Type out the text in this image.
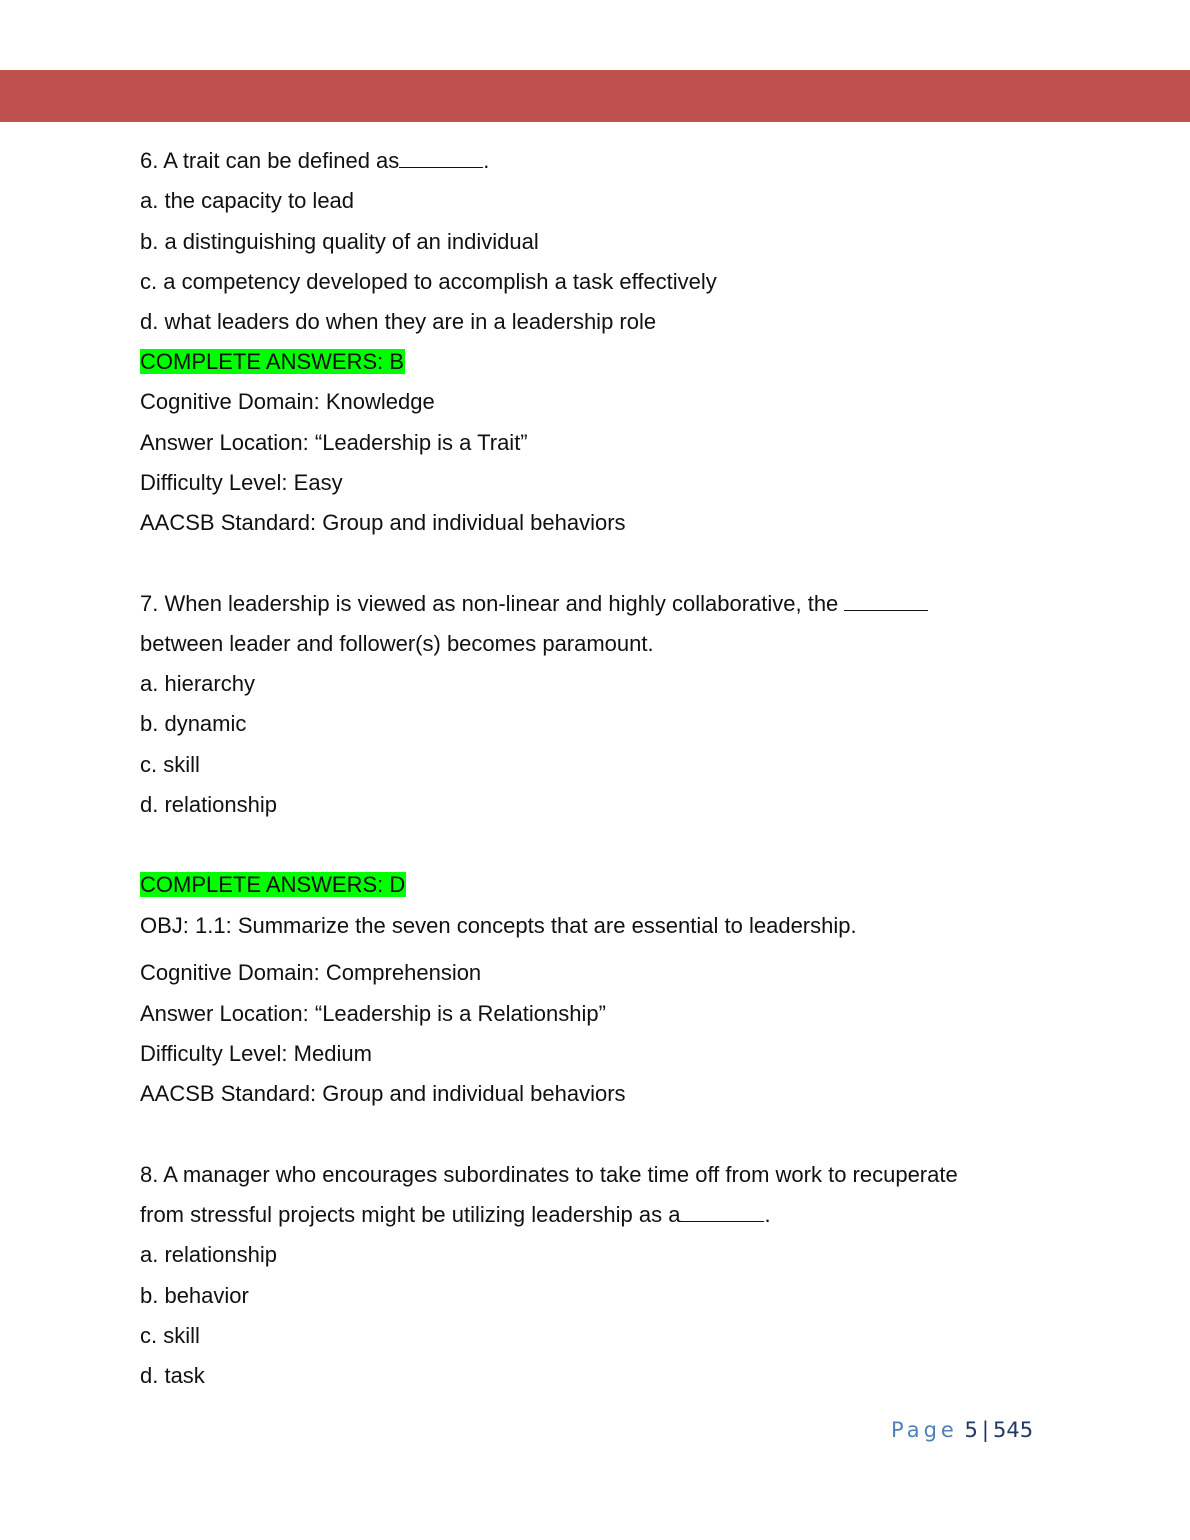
6. A trait can be defined as	.
a. the capacity to lead
b. a distinguishing quality of an individual
c. a competency developed to accomplish a task effectively
d. what leaders do when they are in a leadership role
COMPLETE ANSWERS: B
Cognitive Domain: Knowledge
Answer Location: “Leadership is a Trait”
Difficulty Level: Easy
AACSB Standard: Group and individual behaviors
7. When leadership is viewed as non-linear and highly collaborative, the
between leader and follower(s) becomes paramount.
a. hierarchy
b. dynamic
c. skill
d. relationship
COMPLETE ANSWERS: D
OBJ: 1.1: Summarize the seven concepts that are essential to leadership.
Cognitive Domain: Comprehension
Answer Location: “Leadership is a Relationship”
Difficulty Level: Medium
AACSB Standard: Group and individual behaviors
8. A manager who encourages subordinates to take time off from work to recuperate
from stressful projects might be utilizing leadership as a	.
a. relationship
b. behavior
c. skill
d. task
Page 5 | 545
